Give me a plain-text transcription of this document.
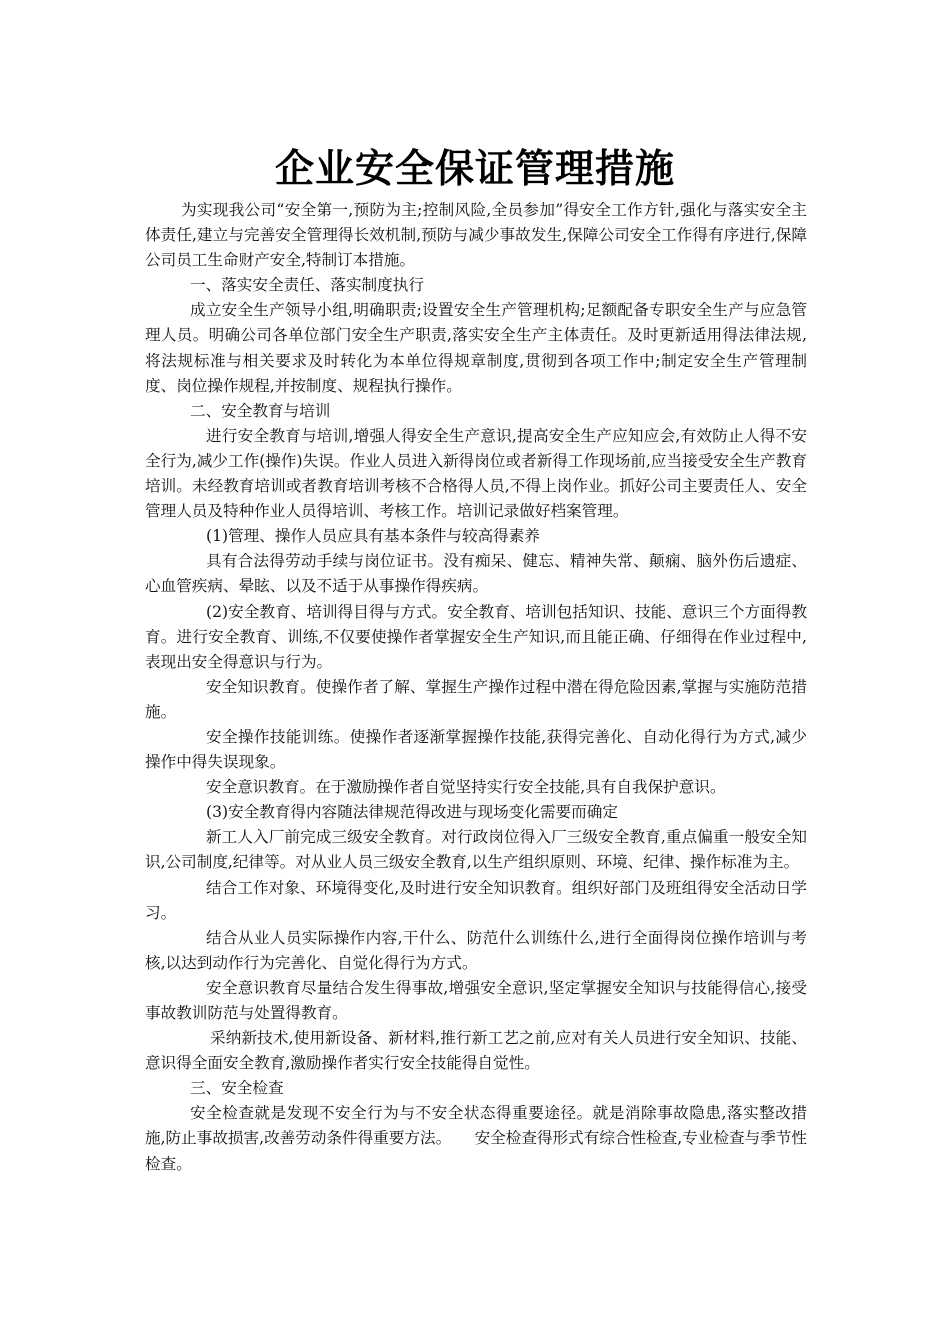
企业安全保证管理措施

为实现我公司“安全第一,预防为主;控制风险,全员参加”得安全工作方针,强化与落实安全主体责任,建立与完善安全管理得长效机制,预防与减少事故发生,保障公司安全工作得有序进行,保障公司员工生命财产安全,特制订本措施。

一、落实安全责任、落实制度执行

成立安全生产领导小组,明确职责;设置安全生产管理机构;足额配备专职安全生产与应急管理人员。明确公司各单位部门安全生产职责,落实安全生产主体责任。及时更新适用得法律法规,将法规标准与相关要求及时转化为本单位得规章制度,贯彻到各项工作中;制定安全生产管理制度、岗位操作规程,并按制度、规程执行操作。

二、安全教育与培训

进行安全教育与培训,增强人得安全生产意识,提高安全生产应知应会,有效防止人得不安全行为,减少工作(操作)失误。作业人员进入新得岗位或者新得工作现场前,应当接受安全生产教育培训。未经教育培训或者教育培训考核不合格得人员,不得上岗作业。抓好公司主要责任人、安全管理人员及特种作业人员得培训、考核工作。培训记录做好档案管理。

(1)管理、操作人员应具有基本条件与较高得素养

具有合法得劳动手续与岗位证书。没有痴呆、健忘、精神失常、颠痫、脑外伤后遗症、心血管疾病、晕眩、以及不适于从事操作得疾病。

(2)安全教育、培训得目得与方式。安全教育、培训包括知识、技能、意识三个方面得教育。进行安全教育、训练,不仅要使操作者掌握安全生产知识,而且能正确、仔细得在作业过程中,表现出安全得意识与行为。

安全知识教育。使操作者了解、掌握生产操作过程中潜在得危险因素,掌握与实施防范措施。

安全操作技能训练。使操作者逐渐掌握操作技能,获得完善化、自动化得行为方式,减少操作中得失误现象。

安全意识教育。在于激励操作者自觉坚持实行安全技能,具有自我保护意识。

(3)安全教育得内容随法律规范得改进与现场变化需要而确定

新工人入厂前完成三级安全教育。对行政岗位得入厂三级安全教育,重点偏重一般安全知识,公司制度,纪律等。对从业人员三级安全教育,以生产组织原则、环境、纪律、操作标准为主。

结合工作对象、环境得变化,及时进行安全知识教育。组织好部门及班组得安全活动日学习。

结合从业人员实际操作内容,干什么、防范什么训练什么,进行全面得岗位操作培训与考核,以达到动作行为完善化、自觉化得行为方式。

安全意识教育尽量结合发生得事故,增强安全意识,坚定掌握安全知识与技能得信心,接受事故教训防范与处置得教育。

采纳新技术,使用新设备、新材料,推行新工艺之前,应对有关人员进行安全知识、技能、意识得全面安全教育,激励操作者实行安全技能得自觉性。

三、安全检查

安全检查就是发现不安全行为与不安全状态得重要途径。就是消除事故隐患,落实整改措施,防止事故损害,改善劳动条件得重要方法。　　安全检查得形式有综合性检查,专业检查与季节性检查。
